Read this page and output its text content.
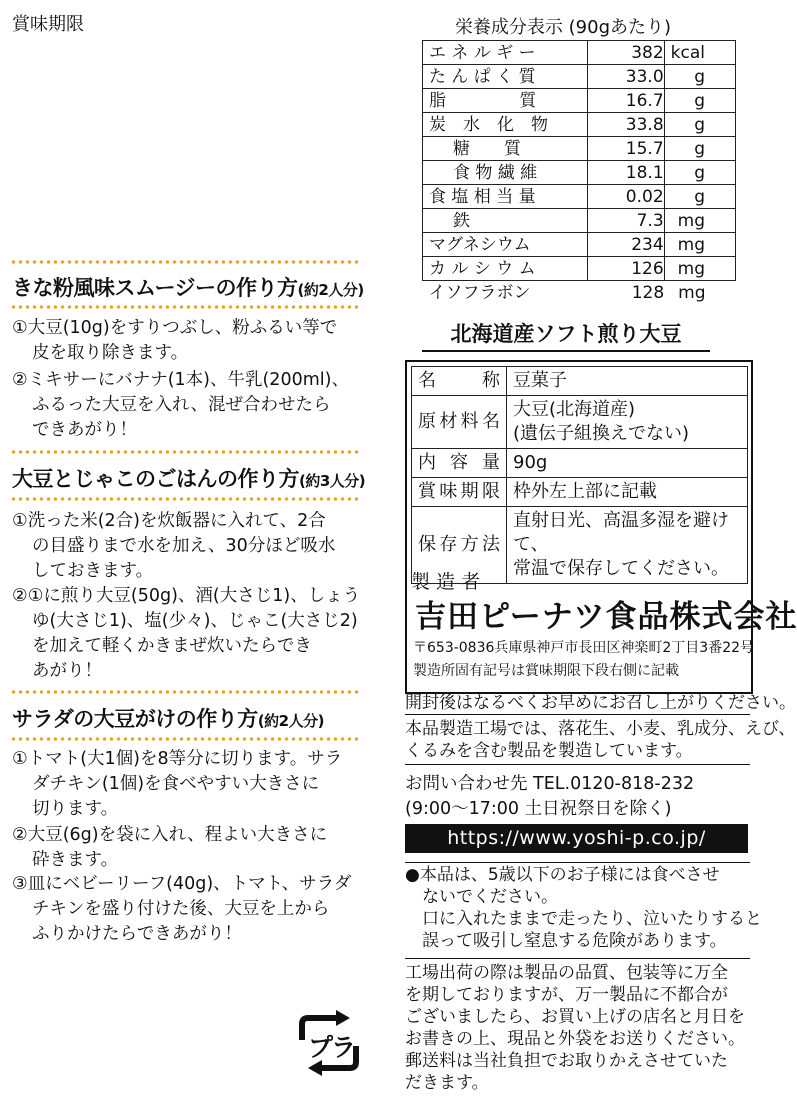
賞味期限
きな粉風味スムージーの作り方(約2人分)
①大豆(10g)をすりつぶし、粉ふるい等で
皮を取り除きます。
②ミキサーにバナナ(1本)、牛乳(200ml)、
ふるった大豆を入れ、混ぜ合わせたら
できあがり！
大豆とじゃこのごはんの作り方(約3人分)
①洗った米(2合)を炊飯器に入れて、2合
の目盛りまで水を加え、30分ほど吸水
しておきます。
②①に煎り大豆(50g)、酒(大さじ1)、しょう
ゆ(大さじ1)、塩(少々)、じゃこ(大さじ2)
を加えて軽くかきまぜ炊いたらでき
あがり！
サラダの大豆がけの作り方(約2人分)
①トマト(大1個)を8等分に切ります。サラ
ダチキン(1個)を食べやすい大きさに
切ります。
②大豆(6g)を袋に入れ、程よい大きさに
砕きます。
③皿にベビーリーフ(40g)、トマト、サラダ
チキンを盛り付けた後、大豆を上から
ふりかけたらできあがり！
プラ
栄養成分表示 (90gあたり)
エ ネ ル ギ ー	382	kcal
た ん ぱ く 質	33.0	g
脂　　　　 質	16.7	g
炭　水　化　物	33.8	g
糖　　質	15.7	g
食 物 繊 維	18.1	g
食 塩 相 当 量	0.02	g
鉄	7.3	mg
マグネシウム	234	mg
カ ル シ ウ ム	126	mg
イソフラボン	128	mg
北海道産ソフト煎り大豆
名　　称	豆菓子
原材料名	大豆(北海道産)
(遺伝子組換えでない)
内 容 量	90g
賞味期限	枠外左上部に記載
保存方法	直射日光、高温多湿を避けて、
常温で保存してください。
製造者
吉田ピーナツ食品株式会社
〒653-0836兵庫県神戸市長田区神楽町2丁目3番22号
製造所固有記号は賞味期限下段右側に記載
開封後はなるべくお早めにお召し上がりください。
本品製造工場では、落花生、小麦、乳成分、えび、
くるみを含む製品を製造しています。
お問い合わせ先 TEL.0120-818-232
(9:00～17:00 土日祝祭日を除く)
https://www.yoshi-p.co.jp/
●本品は、5歳以下のお子様には食べさせ
　ないでください。
　口に入れたままで走ったり、泣いたりすると
　誤って吸引し窒息する危険があります。
工場出荷の際は製品の品質、包装等に万全
を期しておりますが、万一製品に不都合が
ございましたら、お買い上げの店名と月日を
お書きの上、現品と外袋をお送りください。
郵送料は当社負担でお取りかえさせていた
だきます。
